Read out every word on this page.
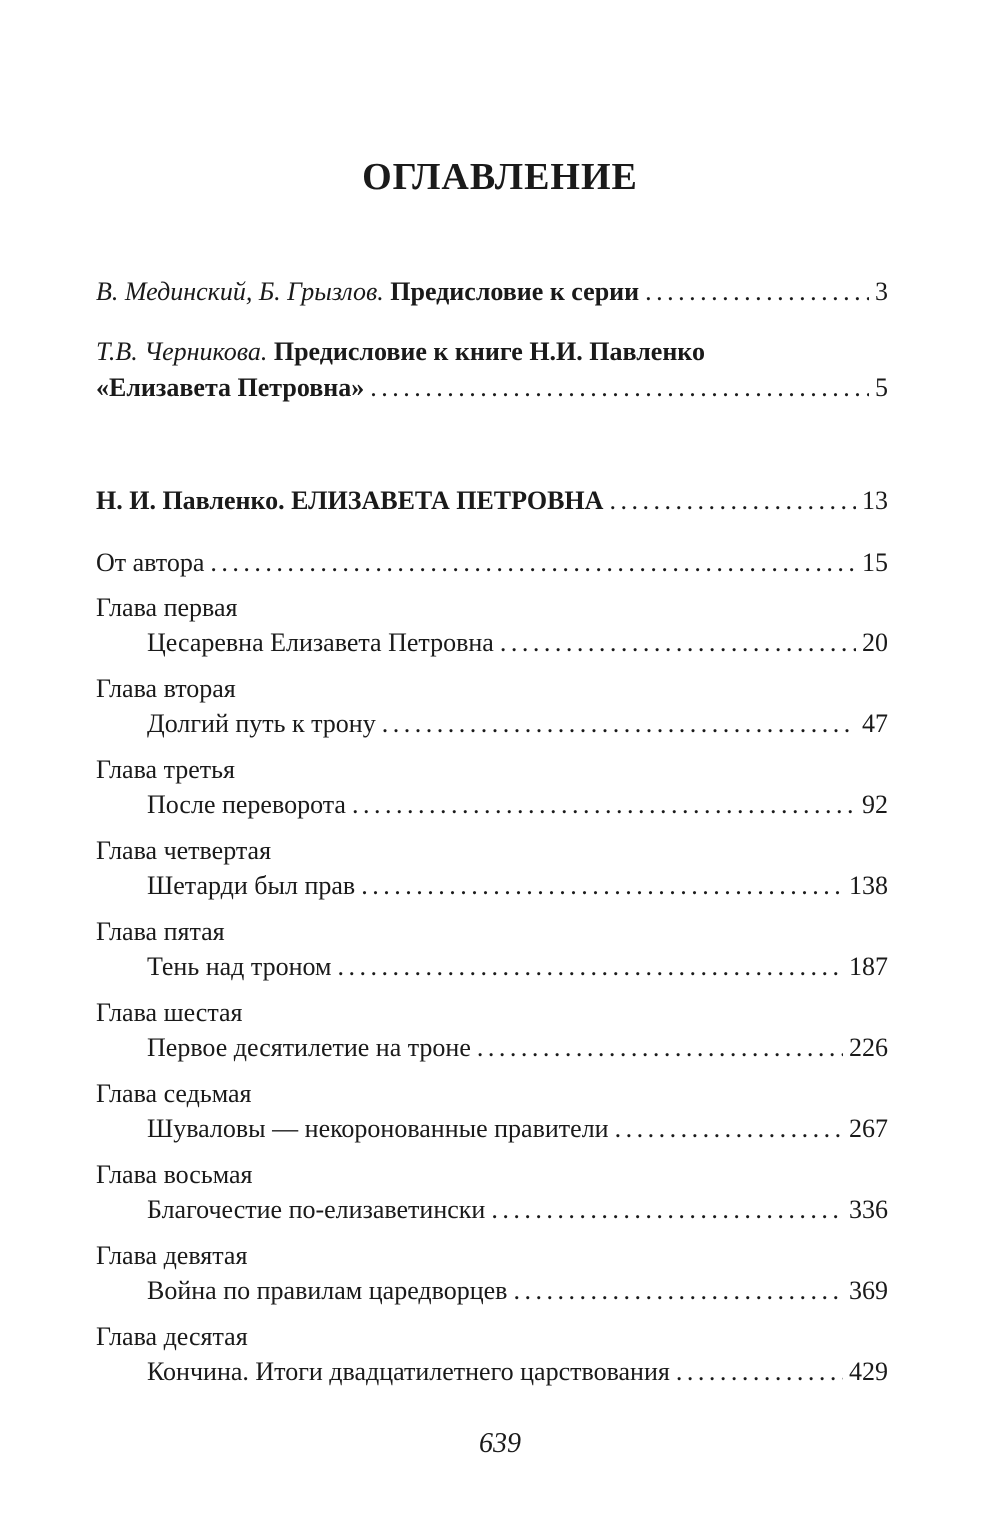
ОГЛАВЛЕНИЕ
В. Мединский, Б. Грызлов. Предисловие к серии . . .	3
Т.В. Черникова. Предисловие к книге Н.И. Павленко
«Елизавета Петровна» . . .	5
Н. И. Павленко. ЕЛИЗАВЕТА ПЕТРОВНА . . .	13
От автора . . .	15
Глава первая
Цесаревна Елизавета Петровна . . .	20
Глава вторая
Долгий путь к трону . . .	47
Глава третья
После переворота . . .	92
Глава четвертая
Шетарди был прав . . .	138
Глава пятая
Тень над троном . . .	187
Глава шестая
Первое десятилетие на троне . . .	226
Глава седьмая
Шуваловы — некоронованные правители . . .	267
Глава восьмая
Благочестие по-елизаветински . . .	336
Глава девятая
Война по правилам царедворцев . . .	369
Глава десятая
Кончина. Итоги двадцатилетнего царствования . . .	429
639
